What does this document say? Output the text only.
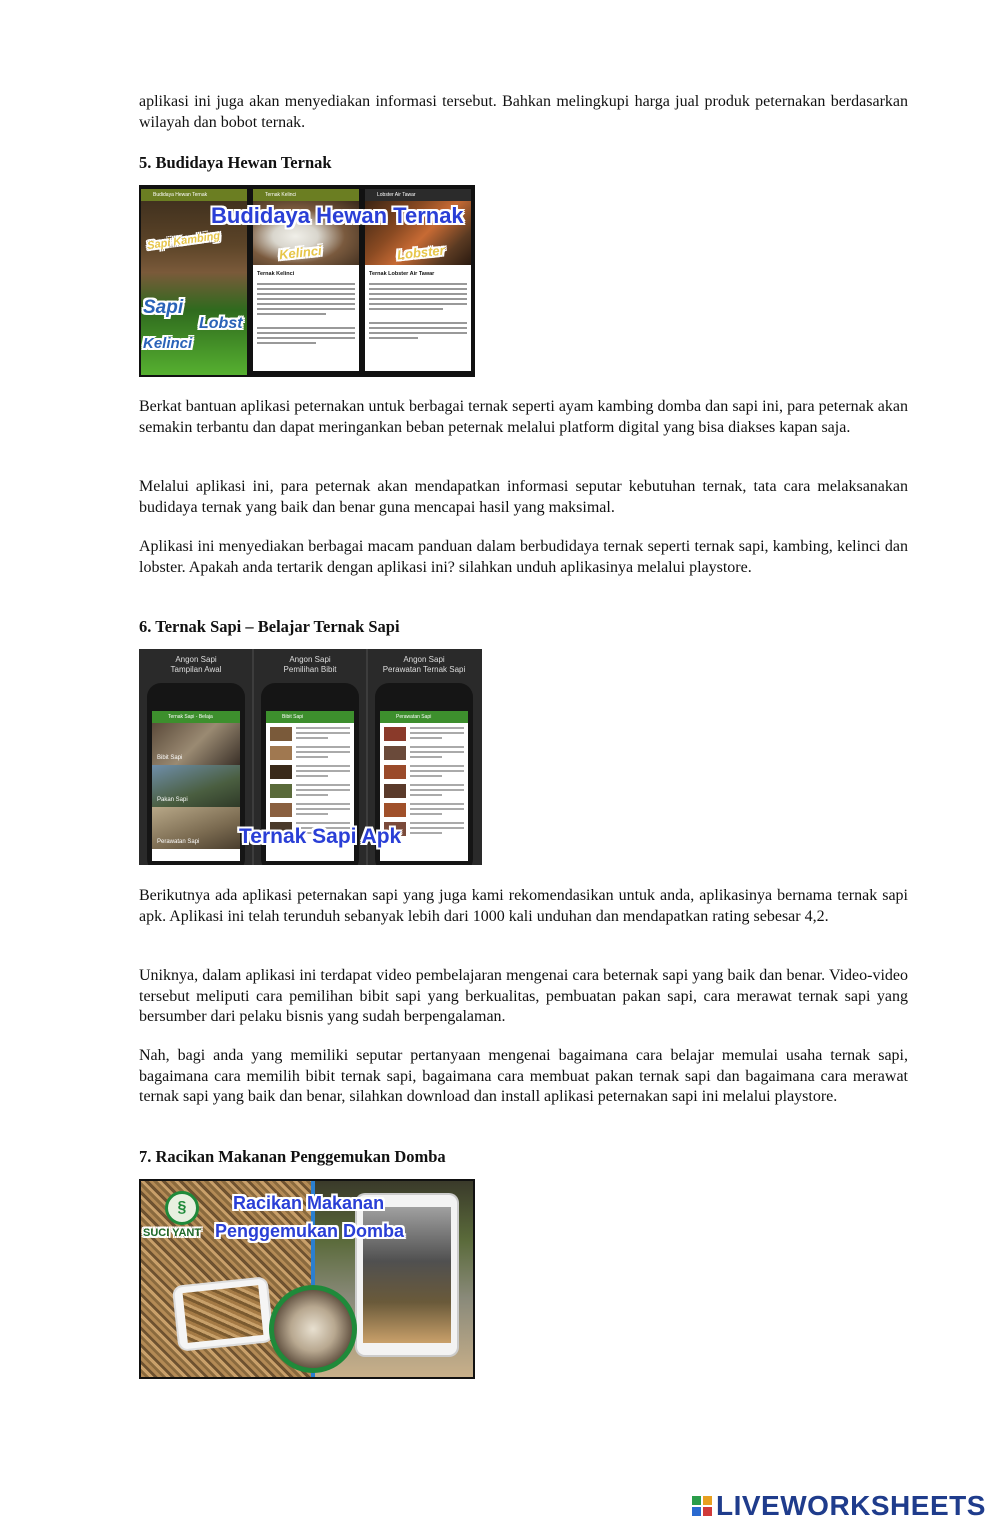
aplikasi ini juga akan menyediakan informasi tersebut. Bahkan melingkupi harga jual produk peternakan berdasarkan wilayah dan bobot ternak.

5. Budidaya Hewan Ternak

Budidaya Hewan Ternak
Sapi Kambing
Sapi
Lobst
Kelinci
Ternak Kelinci
Kelinci
Ternak Kelinci
Lobster Air Tawar
Lobster
Ternak Lobster Air Tawar
Budidaya Hewan Ternak

Berkat bantuan aplikasi peternakan untuk berbagai ternak seperti ayam kambing domba dan sapi ini, para peternak akan semakin terbantu dan dapat meringankan beban peternak melalui platform digital yang bisa diakses kapan saja.

Melalui aplikasi ini, para peternak akan mendapatkan informasi seputar kebutuhan ternak, tata cara melaksanakan budidaya ternak yang baik dan benar guna mencapai hasil yang maksimal.

Aplikasi ini menyediakan berbagai macam panduan dalam berbudidaya ternak seperti ternak sapi, kambing, kelinci dan lobster. Apakah anda tertarik dengan aplikasi ini? silahkan unduh aplikasinya melalui playstore.

6. Ternak Sapi – Belajar Ternak Sapi

Angon Sapi
Tampilan Awal
Angon Sapi
Pemilihan Bibit
Angon Sapi
Perawatan Ternak Sapi
Ternak Sapi - Belaja
Bibit Sapi
Pakan Sapi
Perawatan Sapi
Bibit Sapi	Perawatan Sapi
Ternak Sapi Apk

Berikutnya ada aplikasi peternakan sapi yang juga kami rekomendasikan untuk anda, aplikasinya bernama ternak sapi apk. Aplikasi ini telah terunduh sebanyak lebih dari 1000 kali unduhan dan mendapatkan rating sebesar 4,2.

Uniknya, dalam aplikasi ini terdapat video pembelajaran mengenai cara beternak sapi yang baik dan benar. Video-video tersebut meliputi cara pemilihan bibit sapi yang berkualitas, pembuatan pakan sapi, cara merawat ternak sapi yang bersumber dari pelaku bisnis yang sudah berpengalaman.

Nah, bagi anda yang memiliki seputar pertanyaan mengenai bagaimana cara belajar memulai usaha ternak sapi, bagaimana cara memilih bibit ternak sapi, bagaimana cara membuat pakan ternak sapi dan bagaimana cara merawat ternak sapi yang baik dan benar, silahkan download dan install aplikasi peternakan sapi ini melalui playstore.

7. Racikan Makanan Penggemukan Domba

§
SUCI YANT
Racikan Makanan
Penggemukan Domba
LIVEWORKSHEETS
